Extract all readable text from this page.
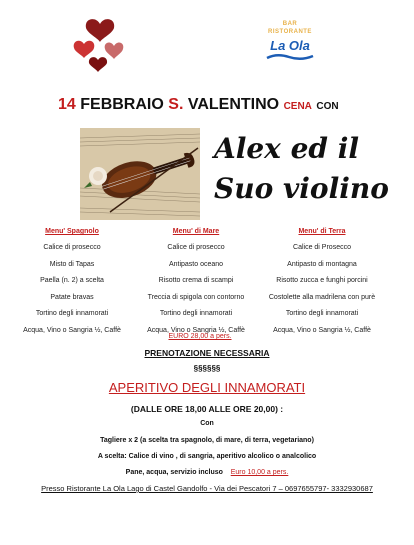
BAR
RISTORANTE
La Ola
14 FEBBRAIO S. VALENTINO CENA CON
Alex ed il
Suo violino
Menu' Spagnolo
Calice di prosecco
Misto di Tapas
Paella (n. 2) a scelta
Patate bravas
Tortino degli innamorati
Acqua, Vino o Sangria ½, Caffè
Menu' di Mare
Calice di prosecco
Antipasto oceano
Risotto crema di scampi
Treccia di spigola con contorno
Tortino degli innamorati
Acqua, Vino o Sangria ½, Caffè
Menu' di Terra
Calice di Prosecco
Antipasto di montagna
Risotto zucca e funghi porcini
Costolette alla madrilena con purè
Tortino degli innamorati
Acqua, Vino o Sangria ½, Caffè
EURO 28,00 a pers.
PRENOTAZIONE NECESSARIA
§§§§§§
APERITIVO DEGLI INNAMORATI
(DALLE ORE 18,00 ALLE ORE 20,00) :
Con
Tagliere x 2 (a scelta tra spagnolo, di mare, di terra, vegetariano)
A scelta: Calice di vino , di sangria, aperitivo alcolico o analcolico
Pane, acqua, servizio incluso Euro 10,00 a pers.
Presso Ristorante La Ola Lago di Castel Gandolfo - Via dei Pescatori 7 – 0697655797- 3332930687
